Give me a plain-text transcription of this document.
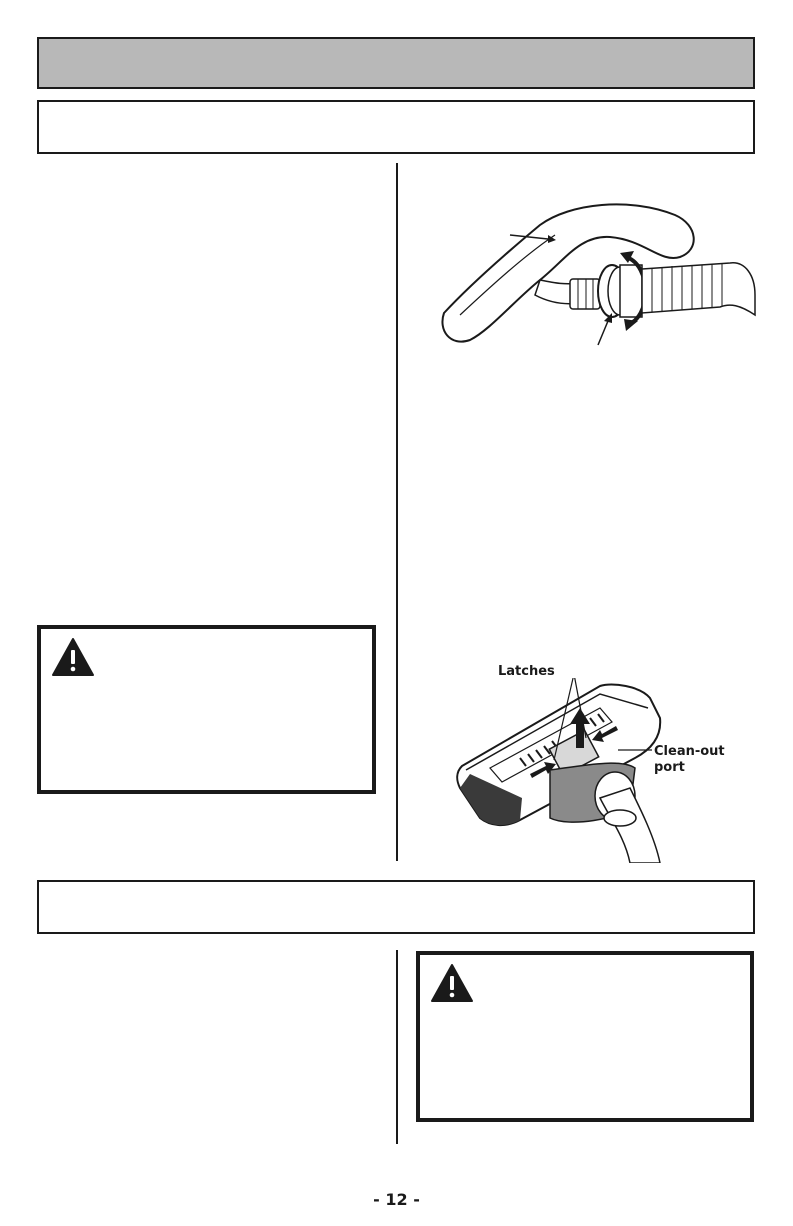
Latches
Clean-out
port
- 12 -
